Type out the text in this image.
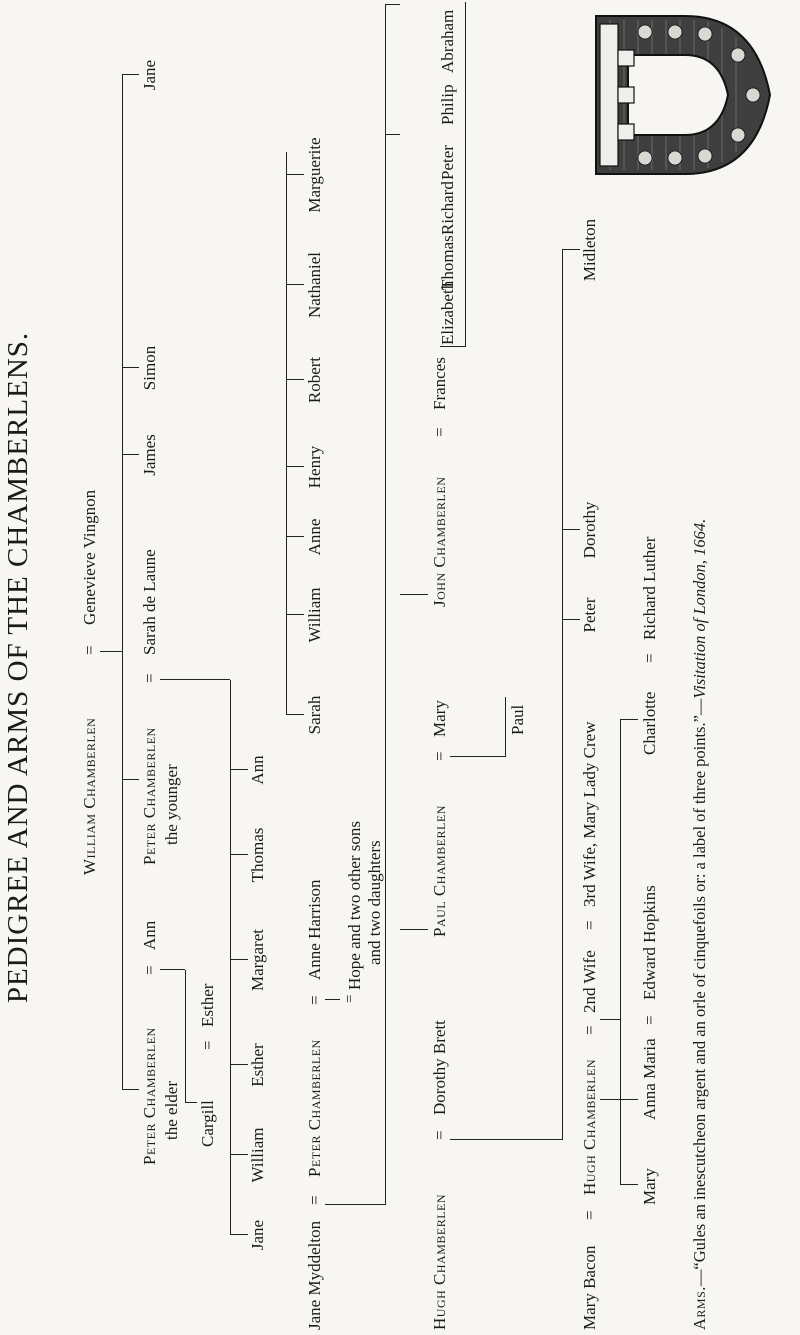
PEDIGREE AND ARMS OF THE CHAMBERLENS.	William Chamberlen
=
Genevieve Vingnon
Peter Chamberlen the elder
=
Ann
Peter Chamberlen the younger
=
Sarah de Laune
James
Simon
Jane
Cargill
=
Esther
Jane
William
Esther
Margaret
Thomas
Ann
Jane Myddelton
=
Peter Chamberlen
=
Anne Harrison
Sarah
William
Anne
Henry
Robert
Nathaniel
Marguerite
=
Hope and two other sons and two daughters
Hugh Chamberlen
=
Dorothy Brett
Paul Chamberlen
=
Mary
John Chamberlen
=
Frances
Paul
Elizabeth
Thomas
Richard
Peter
Philip
Abraham
Mary Bacon
=
Hugh Chamberlen
=
2nd Wife
=
3rd Wife, Mary Lady Crew
Peter
Dorothy
Midleton
Mary
Anna Maria
=
Edward Hopkins
Charlotte
=
Richard Luther
Arms.—“Gules an inescutcheon argent and an orle of cinquefoils or: a label of three points.”—Visitation of London, 1664.
